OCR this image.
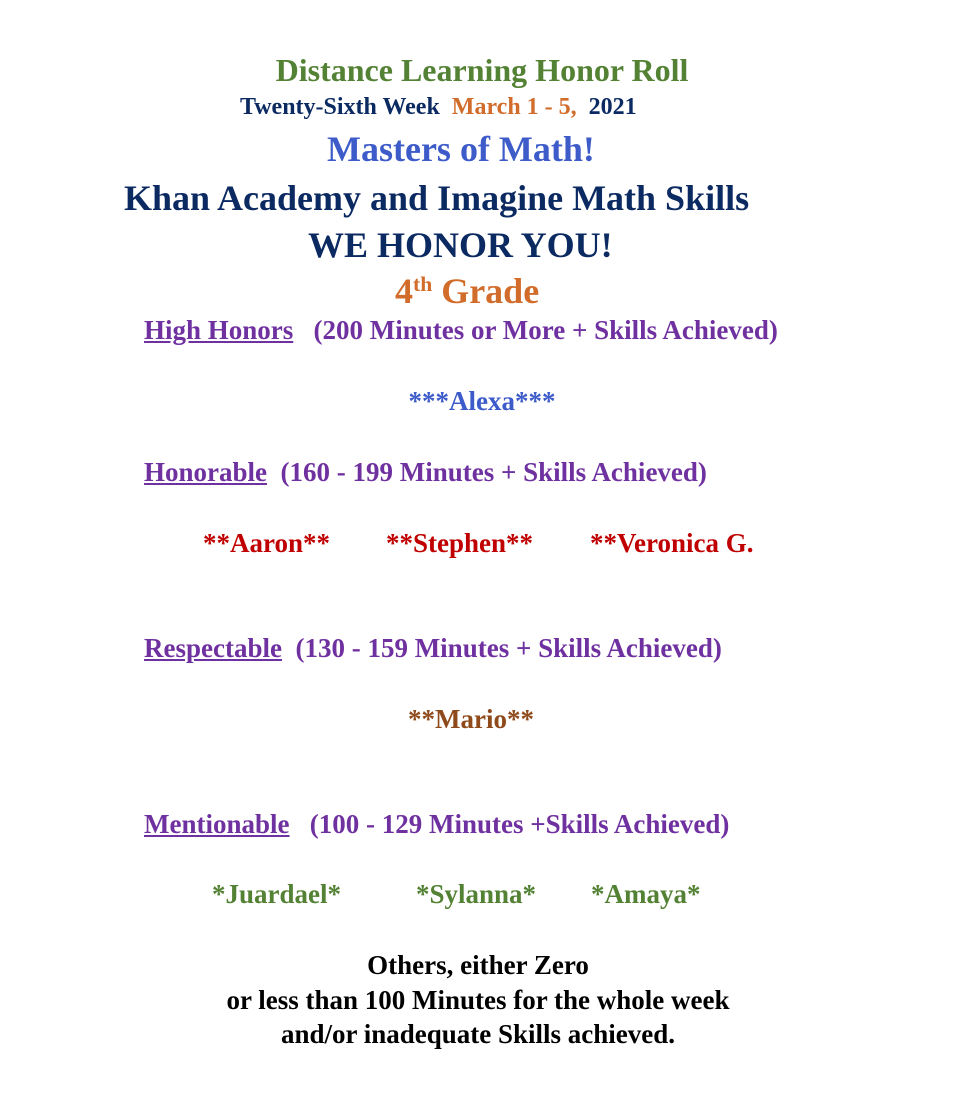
Distance Learning Honor Roll
Twenty-Sixth Week March 1 - 5, 2021
Masters of Math!
Khan Academy and Imagine Math Skills
WE HONOR YOU!
4th Grade
High Honors (200 Minutes or More + Skills Achieved)
***Alexa***
Honorable (160 - 199 Minutes + Skills Achieved)
**Aaron** **Stephen** **Veronica G.
Respectable (130 - 159 Minutes + Skills Achieved)
**Mario**
Mentionable (100 - 129 Minutes +Skills Achieved)
*Juardael*	*Sylanna* *Amaya*
Others, either Zero
or less than 100 Minutes for the whole week
and/or inadequate Skills achieved.
